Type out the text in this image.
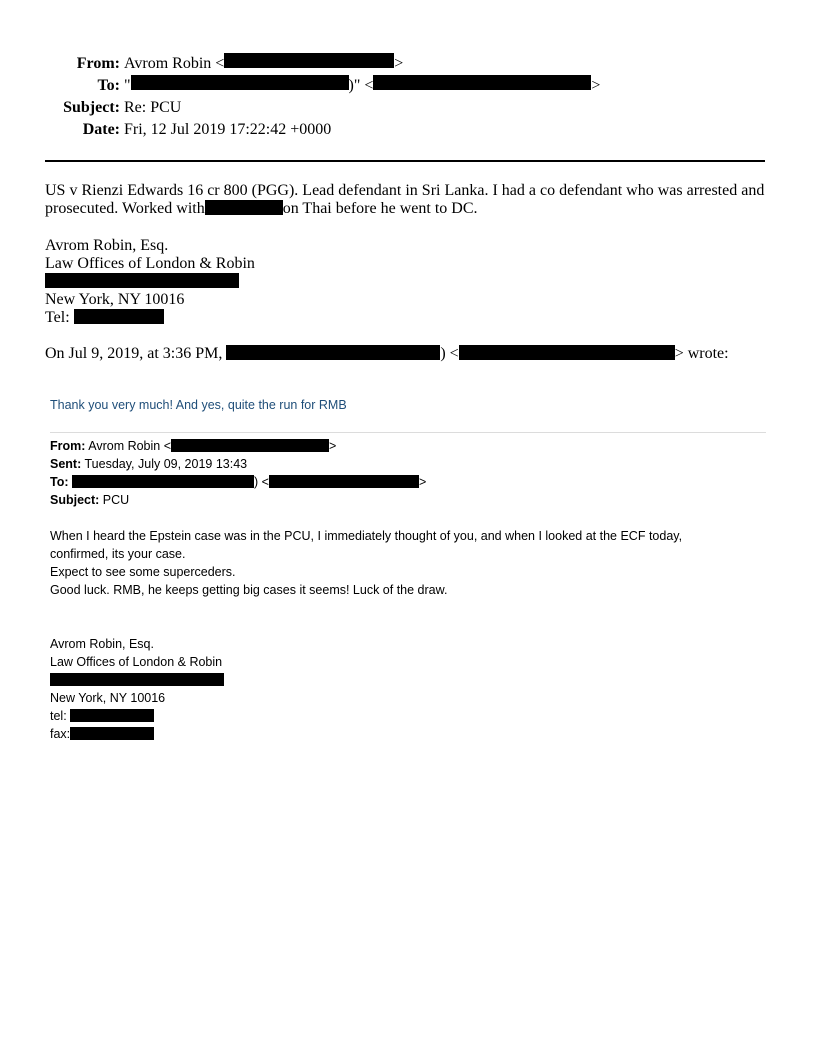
From: Avrom Robin <	>
To: "	)" <	>
Subject: Re: PCU
Date: Fri, 12 Jul 2019 17:22:42 +0000
US v Rienzi Edwards 16 cr 800 (PGG). Lead defendant in Sri Lanka. I had a co defendant who was arrested and
prosecuted. Worked with	on Thai before he went to DC.
Avrom Robin, Esq.
Law Offices of London & Robin
New York, NY 10016
Tel:
On Jul 9, 2019, at 3:36 PM,	) <	> wrote:
Thank you very much! And yes, quite the run for RMB
From: Avrom Robin <	>
Sent: Tuesday, July 09, 2019 13:43
To:	) <	>
Subject: PCU
When I heard the Epstein case was in the PCU, I immediately thought of you, and when I looked at the ECF today,
confirmed, its your case.
Expect to see some superceders.
Good luck. RMB, he keeps getting big cases it seems! Luck of the draw.
Avrom Robin, Esq.
Law Offices of London & Robin
New York, NY 10016
tel:
fax:
